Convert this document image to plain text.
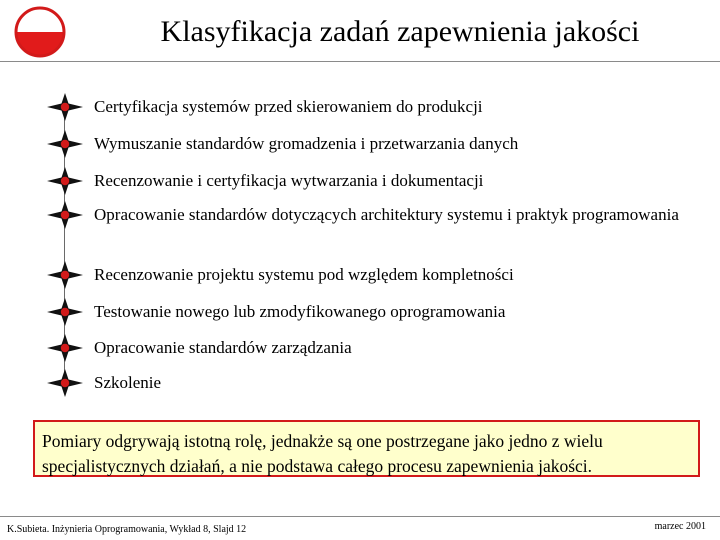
Klasyfikacja zadań zapewnienia jakości
Certyfikacja systemów przed skierowaniem do produkcji
Wymuszanie standardów gromadzenia i przetwarzania danych
Recenzowanie i certyfikacja wytwarzania i dokumentacji
Opracowanie standardów dotyczących architektury systemu i praktyk programowania
Recenzowanie projektu systemu pod względem kompletności
Testowanie nowego lub zmodyfikowanego oprogramowania
Opracowanie standardów zarządzania
Szkolenie
Pomiary odgrywają istotną rolę, jednakże są one postrzegane jako jedno z wielu specjalistycznych działań, a nie podstawa całego procesu zapewnienia jakości.
K.Subieta. Inżynieria Oprogramowania, Wykład 8, Slajd 12	marzec 2001
